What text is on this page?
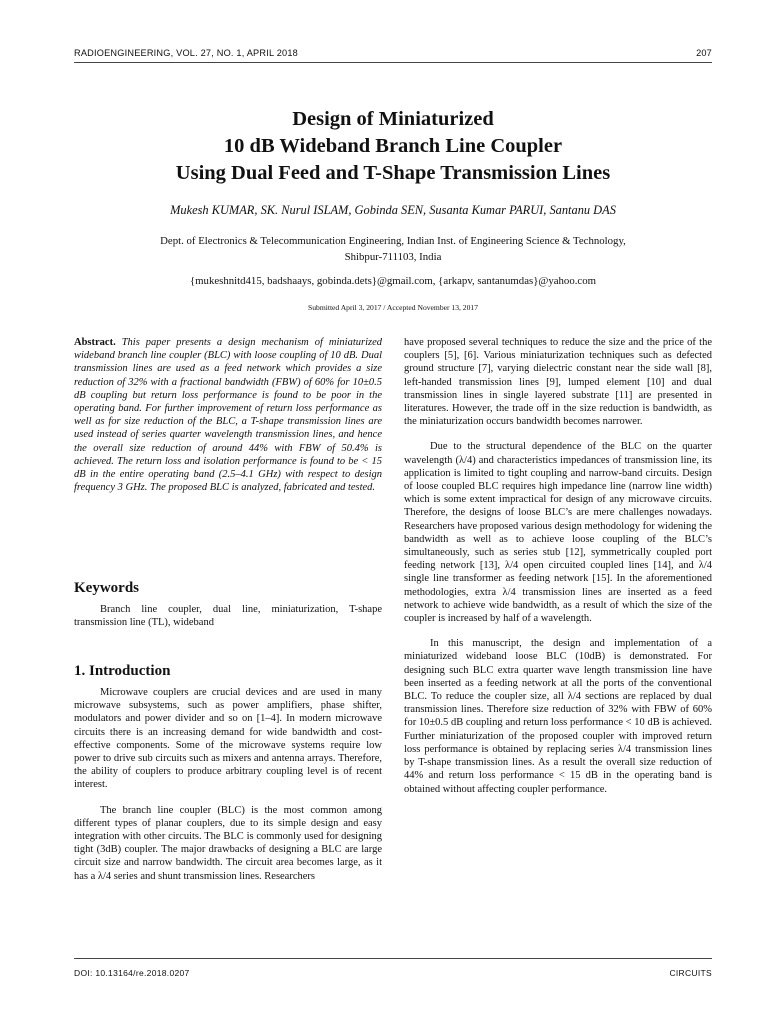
RADIOENGINEERING, VOL. 27, NO. 1, APRIL 2018	207
Design of Miniaturized
10 dB Wideband Branch Line Coupler
Using Dual Feed and T-Shape Transmission Lines
Mukesh KUMAR, SK. Nurul ISLAM, Gobinda SEN, Susanta Kumar PARUI, Santanu DAS
Dept. of Electronics & Telecommunication Engineering, Indian Inst. of Engineering Science & Technology,
Shibpur-711103, India
{mukeshnitd415, badshaays, gobinda.dets}@gmail.com, {arkapv, santanumdas}@yahoo.com
Submitted April 3, 2017 / Accepted November 13, 2017

Abstract. This paper presents a design mechanism of miniaturized wideband branch line coupler (BLC) with loose coupling of 10 dB. Dual transmission lines are used as a feed network which provides a size reduction of 32% with a fractional bandwidth (FBW) of 60% for 10±0.5 dB coupling but return loss performance is found to be poor in the operating band. For further improvement of return loss performance as well as for size reduction of the BLC, a T-shape transmission lines are used instead of series quarter wavelength transmission lines, and hence the overall size reduction of around 44% with FBW of 50.4% is achieved. The return loss and isolation performance is found to be < 15 dB in the entire operating band (2.5–4.1 GHz) with respect to design frequency 3 GHz. The proposed BLC is analyzed, fabricated and tested.

Keywords

Branch line coupler, dual line, miniaturization, T-shape transmission line (TL), wideband

1. Introduction

Microwave couplers are crucial devices and are used in many microwave subsystems, such as power amplifiers, phase shifter, modulators and power divider and so on [1–4]. In modern microwave circuits there is an increasing demand for wide bandwidth and cost-effective components. Some of the microwave systems require low power to drive sub circuits such as mixers and antenna arrays. Therefore, the ability of couplers to produce arbitrary coupling level is of recent interest.

The branch line coupler (BLC) is the most common among different types of planar couplers, due to its simple design and easy integration with other circuits. The BLC is commonly used for designing tight (3dB) coupler. The major drawbacks of designing a BLC are large circuit size and narrow bandwidth. The circuit area becomes large, as it has a λ/4 series and shunt transmission lines. Researchers

have proposed several techniques to reduce the size and the price of the couplers [5], [6]. Various miniaturization techniques such as defected ground structure [7], varying dielectric constant near the side wall [8], left-handed transmission lines [9], lumped element [10] and dual transmission lines in single layered substrate [11] are presented in literatures. However, the trade off in the size reduction is bandwidth, as the miniaturization occurs bandwidth becomes narrower.

Due to the structural dependence of the BLC on the quarter wavelength (λ/4) and characteristics impedances of transmission line, its application is limited to tight coupling and narrow-band circuits. Design of loose coupled BLC requires high impedance line (narrow line width) which is some extent impractical for design of any microwave circuits. Therefore, the designs of loose BLC’s are mere challenges nowadays. Researchers have proposed various design methodology for widening the bandwidth as well as to achieve loose coupling of the BLC’s simultaneously, such as series stub [12], symmetrically coupled port feeding network [13], λ/4 open circuited coupled lines [14], and λ/4 single line transformer as feeding network [15]. In the aforementioned methodologies, extra λ/4 transmission lines are inserted as a feed network to achieve wide bandwidth, as a result of which the size of the coupler is increased by half of a wavelength.

In this manuscript, the design and implementation of a miniaturized wideband loose BLC (10dB) is demonstrated. For designing such BLC extra quarter wave length transmission line have been inserted as a feeding network at all the ports of the conventional BLC. To reduce the coupler size, all λ/4 sections are replaced by dual transmission lines. Therefore size reduction of 32% with FBW of 60% for 10±0.5 dB coupling and return loss performance < 10 dB is achieved. Further miniaturization of the proposed coupler with improved return loss performance is obtained by replacing series λ/4 transmission lines by T-shape transmission lines. As a result the overall size reduction of 44% and return loss performance < 15 dB in the operating band is obtained without affecting coupler performance.

DOI: 10.13164/re.2018.0207	CIRCUITS
